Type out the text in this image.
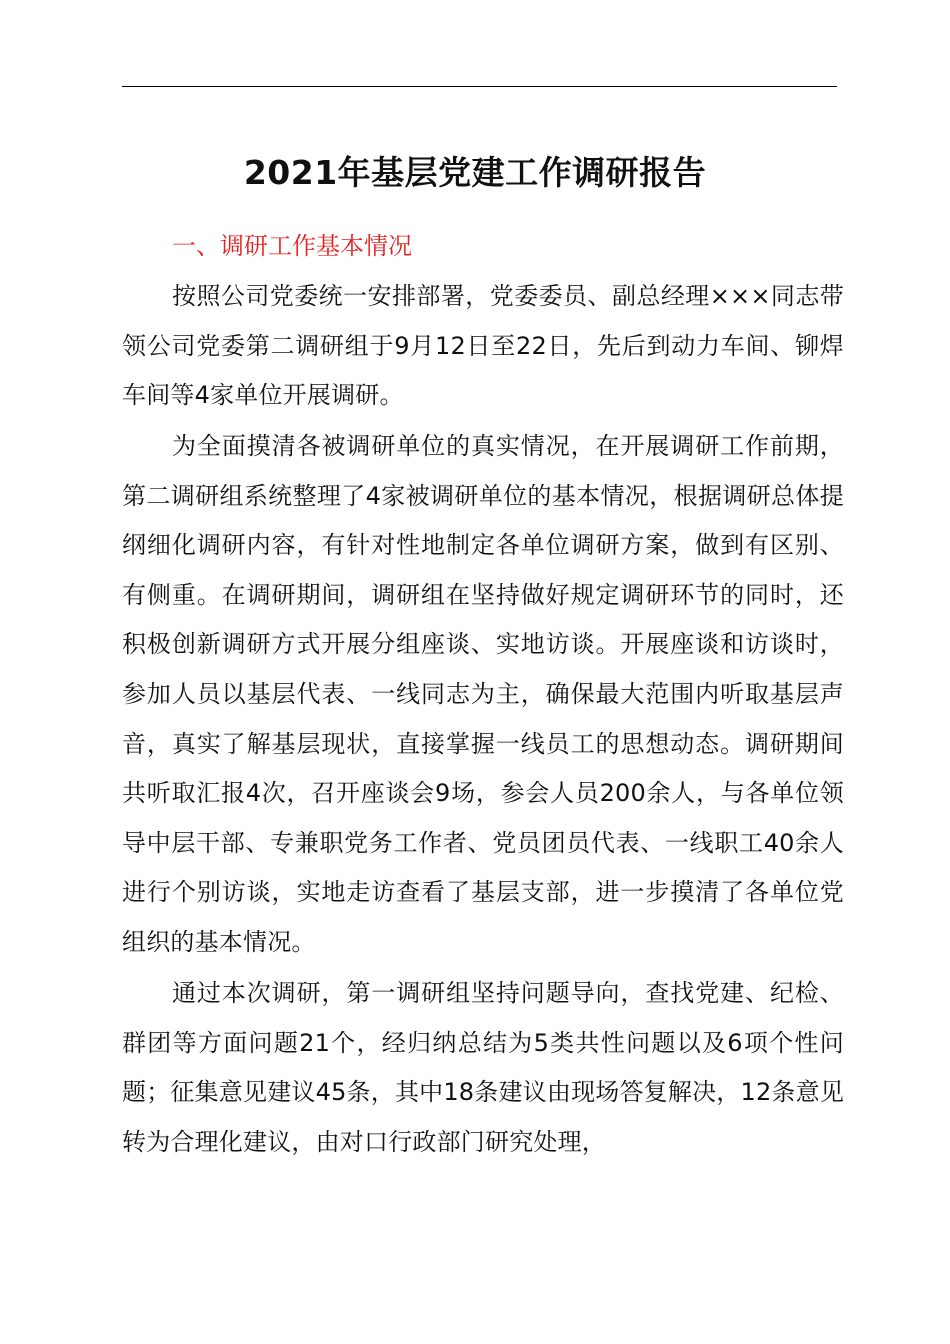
2021年基层党建工作调研报告
一、调研工作基本情况

按照公司党委统一安排部署，党委委员、副总经理×××同志带领公司党委第二调研组于9月12日至22日，先后到动力车间、铆焊车间等4家单位开展调研。

为全面摸清各被调研单位的真实情况，在开展调研工作前期，第二调研组系统整理了4家被调研单位的基本情况，根据调研总体提纲细化调研内容，有针对性地制定各单位调研方案，做到有区别、有侧重。在调研期间，调研组在坚持做好规定调研环节的同时，还积极创新调研方式开展分组座谈、实地访谈。开展座谈和访谈时，参加人员以基层代表、一线同志为主，确保最大范围内听取基层声音，真实了解基层现状，直接掌握一线员工的思想动态。调研期间共听取汇报4次，召开座谈会9场，参会人员200余人，与各单位领导中层干部、专兼职党务工作者、党员团员代表、一线职工40余人进行个别访谈，实地走访查看了基层支部，进一步摸清了各单位党组织的基本情况。

通过本次调研，第一调研组坚持问题导向，查找党建、纪检、群团等方面问题21个，经归纳总结为5类共性问题以及6项个性问题；征集意见建议45条，其中18条建议由现场答复解决，12条意见转为合理化建议，由对口行政部门研究处理，
